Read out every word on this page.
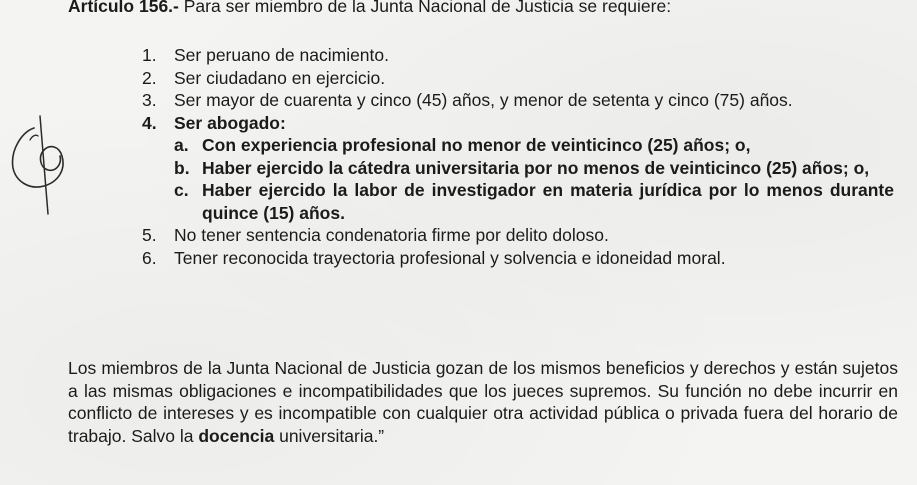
Artículo 156.- Para ser miembro de la Junta Nacional de Justicia se requiere:
1. Ser peruano de nacimiento.
2. Ser ciudadano en ejercicio.
3. Ser mayor de cuarenta y cinco (45) años, y menor de setenta y cinco (75) años.
4. Ser abogado:
a. Con experiencia profesional no menor de veinticinco (25) años; o,
b. Haber ejercido la cátedra universitaria por no menos de veinticinco (25) años; o,
c. Haber ejercido la labor de investigador en materia jurídica por lo menos durante quince (15) años.
5. No tener sentencia condenatoria firme por delito doloso.
6. Tener reconocida trayectoria profesional y solvencia e idoneidad moral.

Los miembros de la Junta Nacional de Justicia gozan de los mismos beneficios y derechos y están sujetos a las mismas obligaciones e incompatibilidades que los jueces supremos. Su función no debe incurrir en conflicto de intereses y es incompatible con cualquier otra actividad pública o privada fuera del horario de trabajo. Salvo la docencia universitaria.”
